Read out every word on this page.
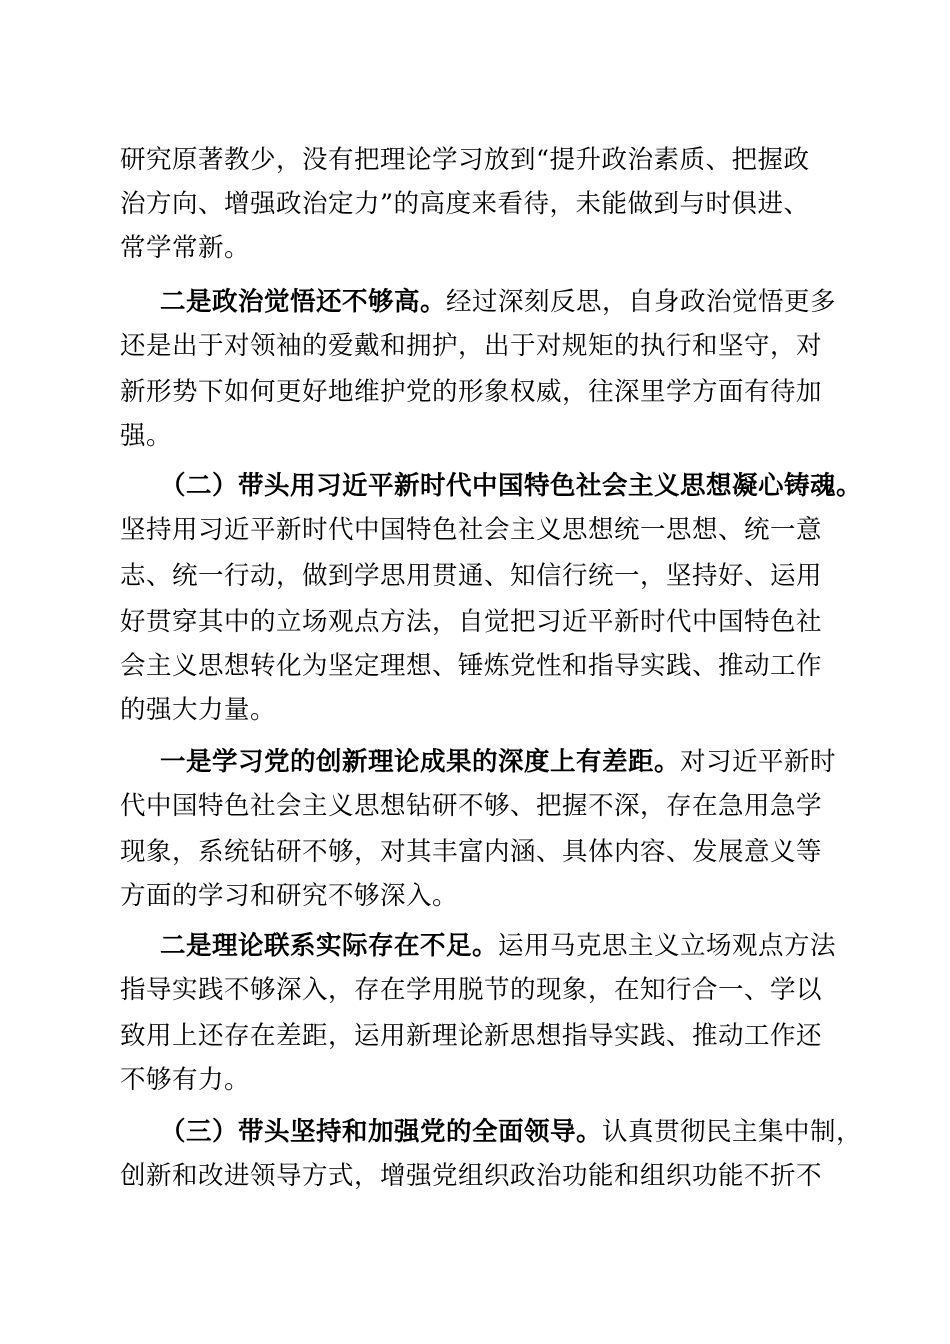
研究原著教少，没有把理论学习放到“提升政治素质、把握政
治方向、增强政治定力”的高度来看待，未能做到与时俱进、
常学常新。
二是政治觉悟还不够高。经过深刻反思，自身政治觉悟更多
还是出于对领袖的爱戴和拥护，出于对规矩的执行和坚守，对
新形势下如何更好地维护党的形象权威，往深里学方面有待加
强。
（二）带头用习近平新时代中国特色社会主义思想凝心铸魂。
坚持用习近平新时代中国特色社会主义思想统一思想、统一意
志、统一行动，做到学思用贯通、知信行统一，坚持好、运用
好贯穿其中的立场观点方法，自觉把习近平新时代中国特色社
会主义思想转化为坚定理想、锤炼党性和指导实践、推动工作
的强大力量。
一是学习党的创新理论成果的深度上有差距。对习近平新时
代中国特色社会主义思想钻研不够、把握不深，存在急用急学
现象，系统钻研不够，对其丰富内涵、具体内容、发展意义等
方面的学习和研究不够深入。
二是理论联系实际存在不足。运用马克思主义立场观点方法
指导实践不够深入，存在学用脱节的现象，在知行合一、学以
致用上还存在差距，运用新理论新思想指导实践、推动工作还
不够有力。
（三）带头坚持和加强党的全面领导。认真贯彻民主集中制，
创新和改进领导方式，增强党组织政治功能和组织功能不折不
